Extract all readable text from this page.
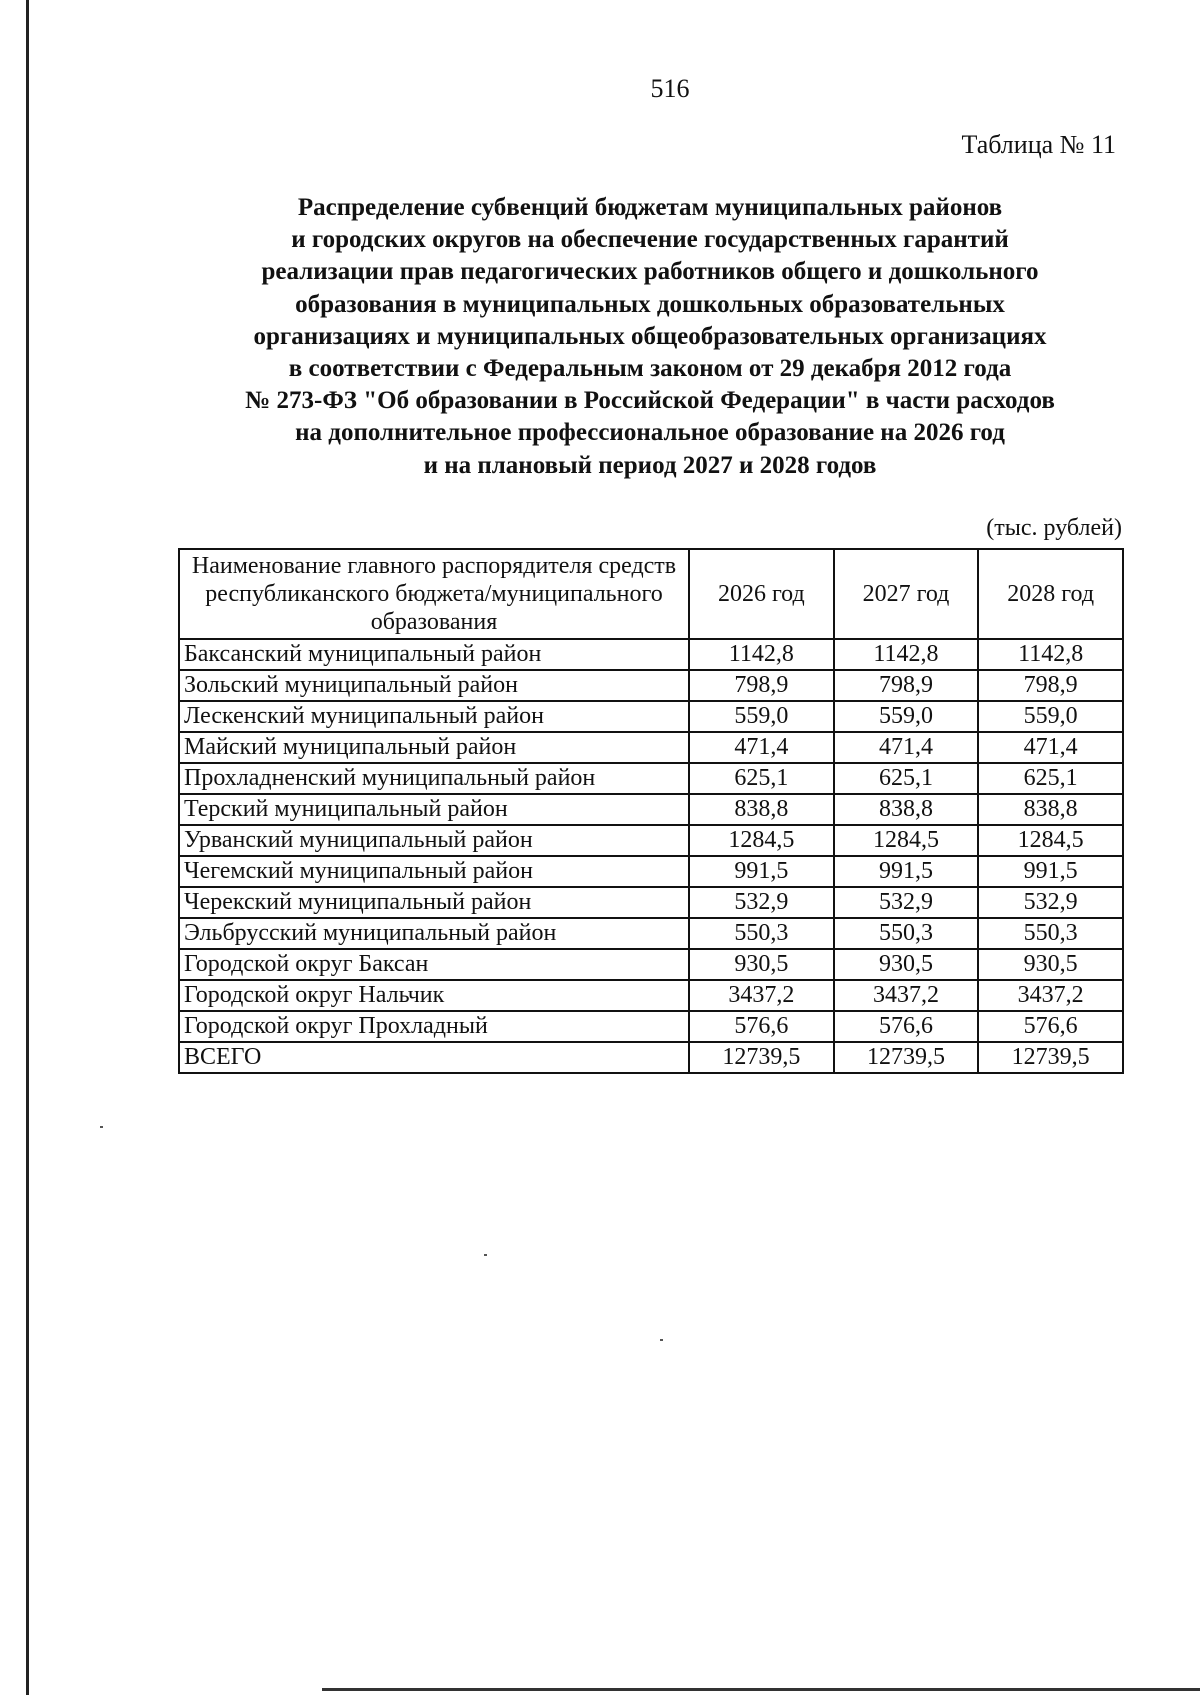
516
Таблица № 11
Распределение субвенций бюджетам муниципальных районов
и городских округов на обеспечение государственных гарантий
реализации прав педагогических работников общего и дошкольного
образования в муниципальных дошкольных образовательных
организациях и муниципальных общеобразовательных организациях
в соответствии с Федеральным законом от 29 декабря 2012 года
№ 273-ФЗ "Об образовании в Российской Федерации" в части расходов
на дополнительное профессиональное образование на 2026 год
и на плановый период 2027 и 2028 годов
(тыс. рублей)
Наименование главного распорядителя средств республиканского бюджета/муниципального образования	2026 год	2027 год	2028 год
Баксанский муниципальный район	1142,8	1142,8	1142,8
Зольский муниципальный район	798,9	798,9	798,9
Лескенский муниципальный район	559,0	559,0	559,0
Майский муниципальный район	471,4	471,4	471,4
Прохладненский муниципальный район	625,1	625,1	625,1
Терский муниципальный район	838,8	838,8	838,8
Урванский муниципальный район	1284,5	1284,5	1284,5
Чегемский муниципальный район	991,5	991,5	991,5
Черекский муниципальный район	532,9	532,9	532,9
Эльбрусский муниципальный район	550,3	550,3	550,3
Городской округ Баксан	930,5	930,5	930,5
Городской округ Нальчик	3437,2	3437,2	3437,2
Городской округ Прохладный	576,6	576,6	576,6
ВСЕГО	12739,5	12739,5	12739,5
